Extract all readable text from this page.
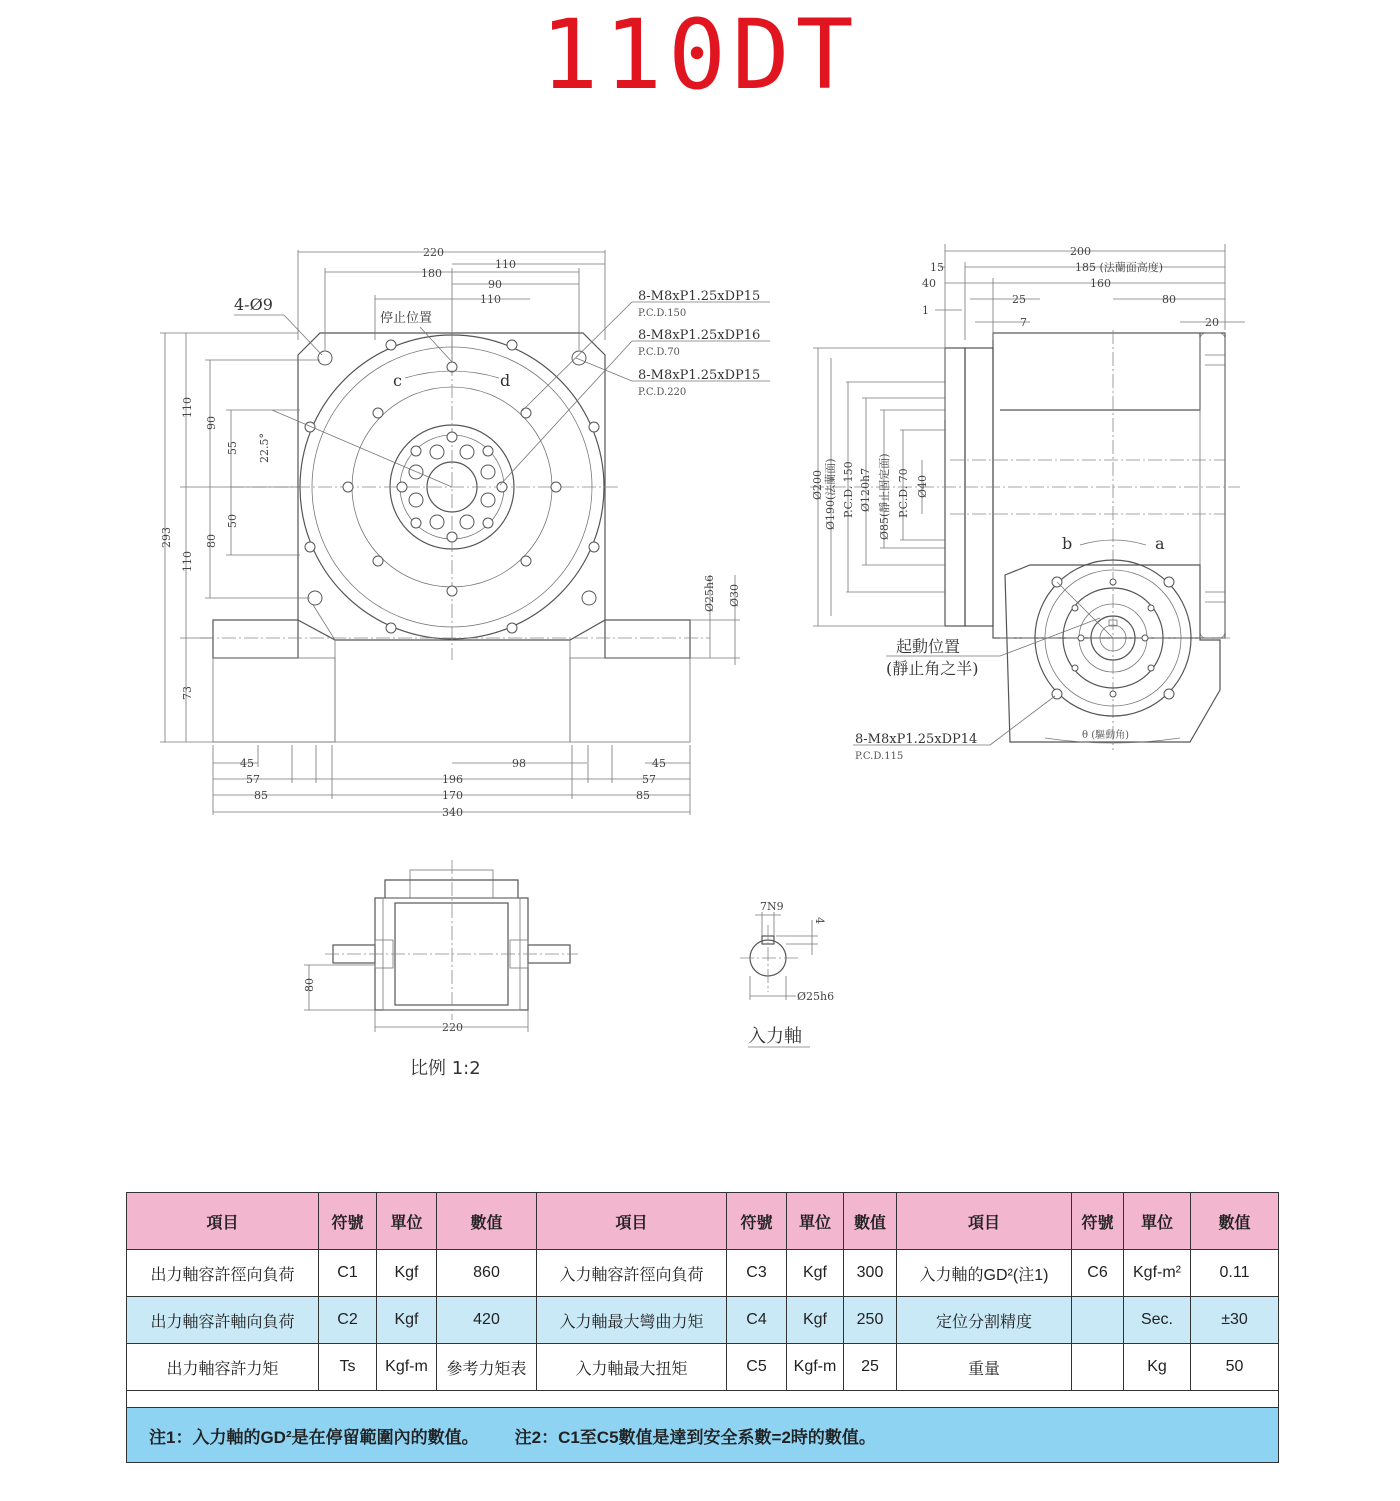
110DT
c	d
停止位置
4-Ø9
22.5°
8-M8xP1.25xDP15
P.C.D.150
8-M8xP1.25xDP16
P.C.D.70
8-M8xP1.25xDP15
P.C.D.220
220
110
180
90
110
293
110
110
73
90
80
55
50
Ø25h6 Ø30
45	98	45
57	196	57
85	170	85
340
b	a
起動位置
(靜止角之半)
8-M8xP1.25xDP14
P.C.D.115
θ (驅動角)
200
15	185 (法蘭面高度)
40	160
25	80
1
7	20
Ø200 Ø190(法蘭面) P.C.D. 150 Ø120h7 Ø85(靜止固定面) P.C.D. 70 Ø40
80
220
比例 1:2
7N9
4
Ø25h6
入力軸
項目	符號	單位	數值	項目	符號	單位	數值	項目	符號	單位	數值
出力軸容許徑向負荷	C1	Kgf	860	入力軸容許徑向負荷	C3	Kgf	300	入力軸的GD²(注1)	C6	Kgf-m²	0.11
出力軸容許軸向負荷	C2	Kgf	420	入力軸最大彎曲力矩	C4	Kgf	250	定位分割精度		Sec.	±30
出力軸容許力矩	Ts	Kgf-m	參考力矩表	入力軸最大扭矩	C5	Kgf-m	25	重量		Kg	50

注1：入力軸的GD²是在停留範圍內的數值。 注2：C1至C5數值是達到安全系數=2時的數值。											
